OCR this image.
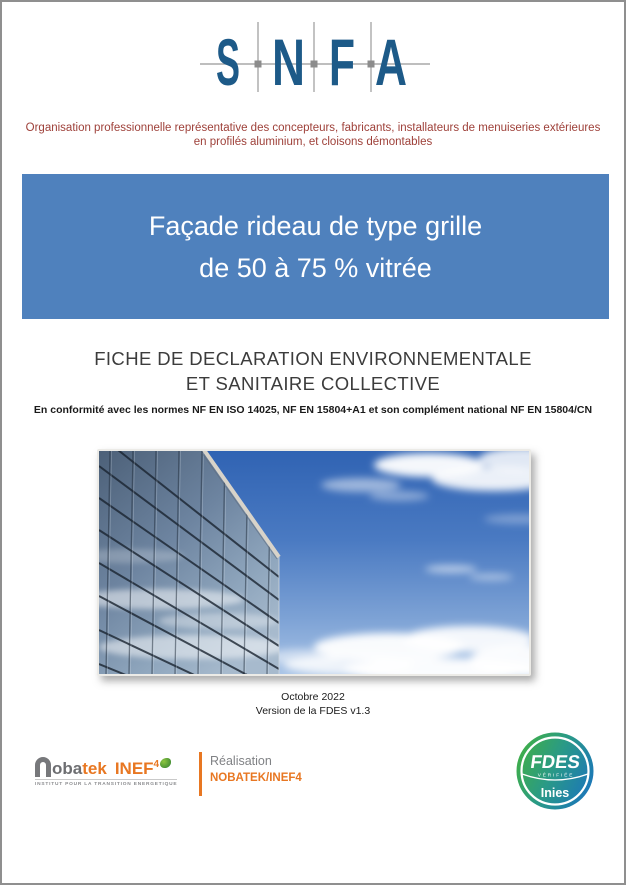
S N F A
Organisation professionnelle représentative des concepteurs, fabricants, installateurs de menuiseries extérieures
en profilés aluminium, et cloisons démontables
Façade rideau de type grille
de 50 à 75 % vitrée
FICHE DE DECLARATION ENVIRONNEMENTALE
ET SANITAIRE COLLECTIVE
En conformité avec les normes NF EN ISO 14025, NF EN 15804+A1 et son complément national NF EN 15804/CN
Octobre 2022
Version de la FDES v1.3
oba tek INEF 4
INSTITUT POUR LA TRANSITION ENERGETIQUE
Réalisation
NOBATEK/INEF4
FDES
VÉRIFIÉE
Inies
